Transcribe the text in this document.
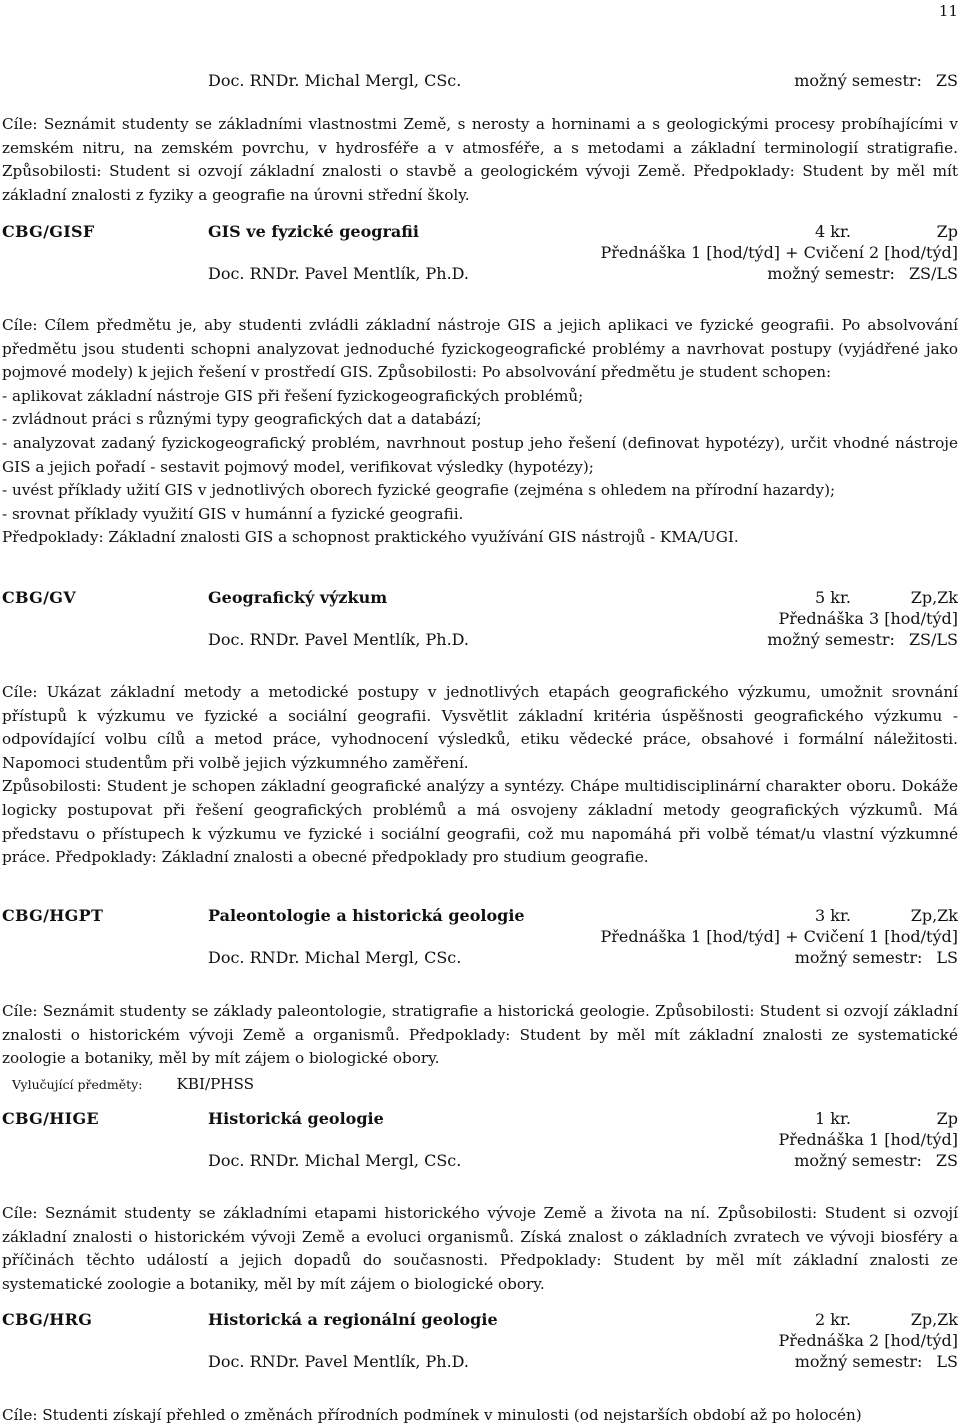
11
Doc. RNDr. Michal Mergl, CSc.	možný semestr: ZS

Cíle: Seznámit studenty se základními vlastnostmi Země, s nerosty a horninami a s geologickými procesy probíhajícími v zemském nitru, na zemském povrchu, v hydrosféře a v atmosféře, a s metodami a základní terminologií stratigrafie. Způsobilosti: Student si ozvojí základní znalosti o stavbě a geologickém vývoji Země. Předpoklady: Student by měl mít základní znalosti z fyziky a geografie na úrovni střední školy.

CBG/GISF	GIS ve fyzické geografii	4 kr.	Zp
Přednáška 1 [hod/týd] + Cvičení 2 [hod/týd]
Doc. RNDr. Pavel Mentlík, Ph.D.	možný semestr: ZS/LS

Cíle: Cílem předmětu je, aby studenti zvládli základní nástroje GIS a jejich aplikaci ve fyzické geografii. Po absolvování předmětu jsou studenti schopni analyzovat jednoduché fyzickogeografické problémy a navrhovat postupy (vyjádřené jako pojmové modely) k jejich řešení v prostředí GIS. Způsobilosti: Po absolvování předmětu je student schopen:

- aplikovat základní nástroje GIS při řešení fyzickogeografických problémů;

- zvládnout práci s různými typy geografických dat a databází;

- analyzovat zadaný fyzickogeografický problém, navrhnout postup jeho řešení (definovat hypotézy), určit vhodné nástroje GIS a jejich pořadí - sestavit pojmový model, verifikovat výsledky (hypotézy);

- uvést příklady užití GIS v jednotlivých oborech fyzické geografie (zejména s ohledem na přírodní hazardy);

- srovnat příklady využití GIS v humánní a fyzické geografii.

Předpoklady: Základní znalosti GIS a schopnost praktického využívání GIS nástrojů - KMA/UGI.

CBG/GV	Geografický výzkum	5 kr.	Zp,Zk
Přednáška 3 [hod/týd]
Doc. RNDr. Pavel Mentlík, Ph.D.	možný semestr: ZS/LS

Cíle: Ukázat základní metody a metodické postupy v jednotlivých etapách geografického výzkumu, umožnit srovnání přístupů k výzkumu ve fyzické a sociální geografii. Vysvětlit základní kritéria úspěšnosti geografického výzkumu - odpovídající volbu cílů a metod práce, vyhodnocení výsledků, etiku vědecké práce, obsahové i formální náležitosti. Napomoci studentům při volbě jejich výzkumného zaměření.

Způsobilosti: Student je schopen základní geografické analýzy a syntézy. Chápe multidisciplinární charakter oboru. Dokáže logicky postupovat při řešení geografických problémů a má osvojeny základní metody geografických výzkumů. Má představu o přístupech k výzkumu ve fyzické i sociální geografii, což mu napomáhá při volbě témat/u vlastní výzkumné práce. Předpoklady: Základní znalosti a obecné předpoklady pro studium geografie.

CBG/HGPT	Paleontologie a historická geologie	3 kr.	Zp,Zk
Přednáška 1 [hod/týd] + Cvičení 1 [hod/týd]
Doc. RNDr. Michal Mergl, CSc.	možný semestr: LS

Cíle: Seznámit studenty se základy paleontologie, stratigrafie a historická geologie. Způsobilosti: Student si ozvojí základní znalosti o historickém vývoji Země a organismů. Předpoklady: Student by měl mít základní znalosti ze systematické zoologie a botaniky, měl by mít zájem o biologické obory.

Vylučující předměty: KBI/PHSS
CBG/HIGE	Historická geologie	1 kr.	Zp
Přednáška 1 [hod/týd]
Doc. RNDr. Michal Mergl, CSc.	možný semestr: ZS

Cíle: Seznámit studenty se základními etapami historického vývoje Země a života na ní. Způsobilosti: Student si ozvojí základní znalosti o historickém vývoji Země a evoluci organismů. Získá znalost o základních zvratech ve vývoji biosféry a příčinách těchto událostí a jejich dopadů do současnosti. Předpoklady: Student by měl mít základní znalosti ze systematické zoologie a botaniky, měl by mít zájem o biologické obory.

CBG/HRG	Historická a regionální geologie	2 kr.	Zp,Zk
Přednáška 2 [hod/týd]
Doc. RNDr. Pavel Mentlík, Ph.D.	možný semestr: LS

Cíle: Studenti získají přehled o změnách přírodních podmínek v minulosti (od nejstarších období až po holocén)
